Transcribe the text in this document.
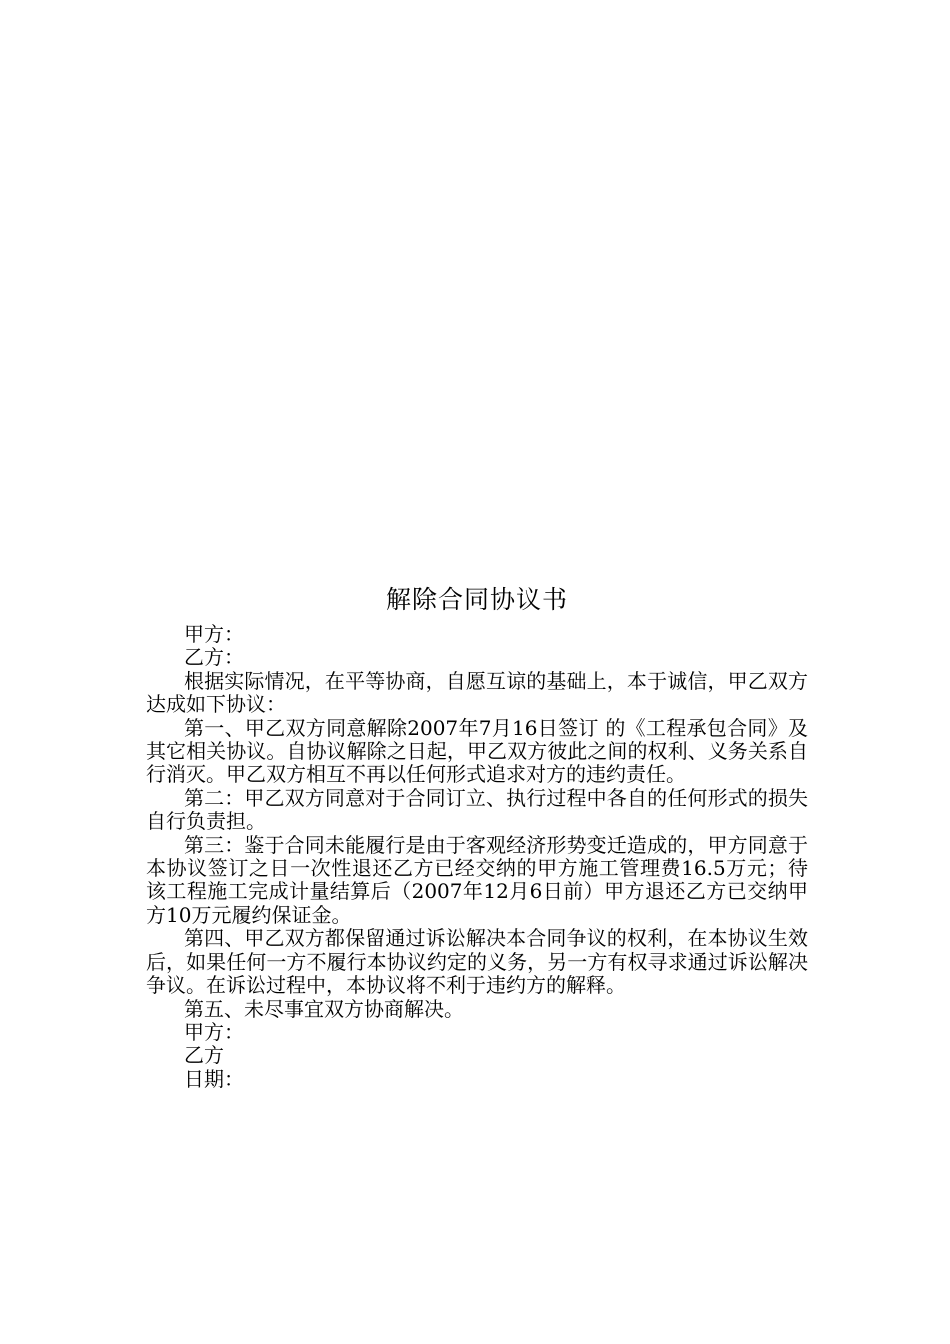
解除合同协议书

甲方：

乙方：

根据实际情况，在平等协商，自愿互谅的基础上，本于诚信，甲乙双方达成如下协议：

第一、甲乙双方同意解除2007年7月16日签订 的《工程承包合同》及其它相关协议。自协议解除之日起，甲乙双方彼此之间的权利、义务关系自行消灭。甲乙双方相互不再以任何形式追求对方的违约责任。

第二：甲乙双方同意对于合同订立、执行过程中各自的任何形式的损失自行负责担。

第三：鉴于合同未能履行是由于客观经济形势变迁造成的，甲方同意于本协议签订之日一次性退还乙方已经交纳的甲方施工管理费16.5万元；待该工程施工完成计量结算后（2007年12月6日前）甲方退还乙方已交纳甲方10万元履约保证金。

第四、甲乙双方都保留通过诉讼解决本合同争议的权利，在本协议生效后，如果任何一方不履行本协议约定的义务，另一方有权寻求通过诉讼解决争议。在诉讼过程中，本协议将不利于违约方的解释。

第五、未尽事宜双方协商解决。

甲方：

乙方

日期：
